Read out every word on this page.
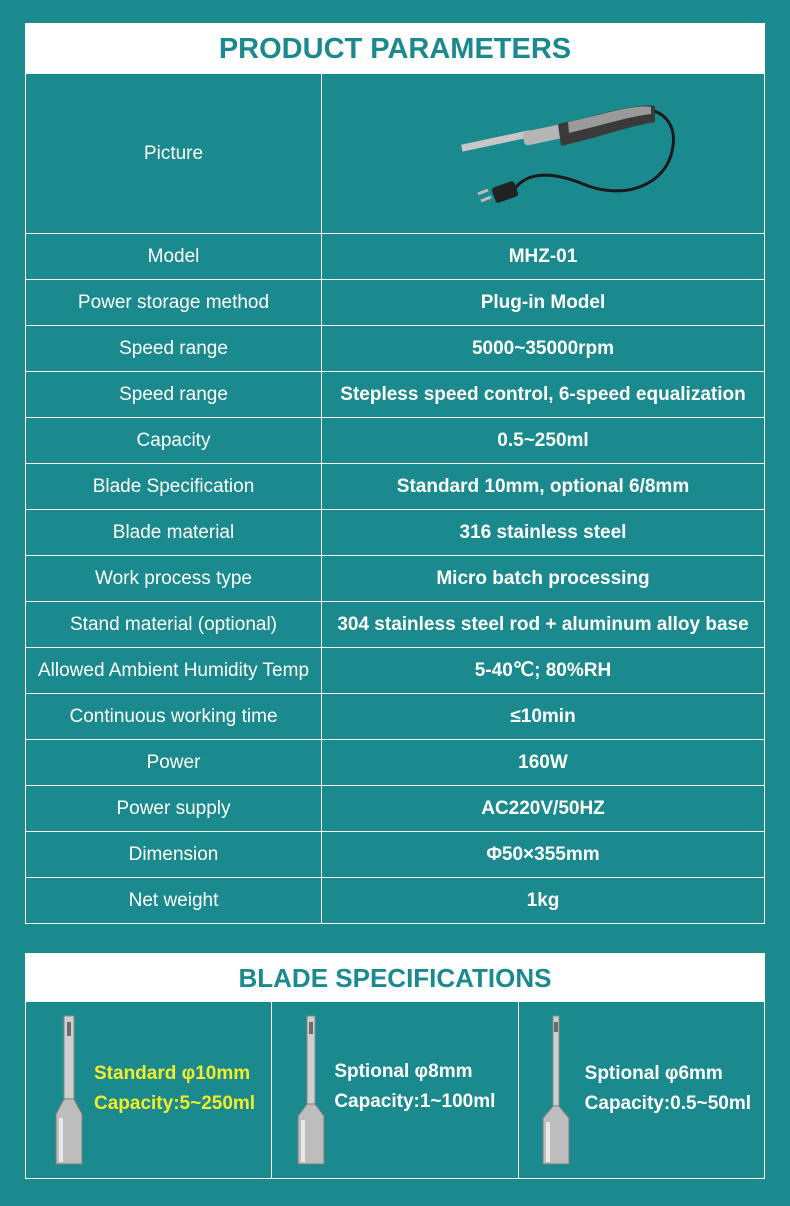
PRODUCT PARAMETERS
Picture	

Model	MHZ-01
Power storage method	Plug-in Model
Speed range	5000~35000rpm
Speed range	Stepless speed control, 6-speed equalization
Capacity	0.5~250ml
Blade Specification	Standard 10mm, optional 6/8mm
Blade material	316 stainless steel
Work process type	Micro batch processing
Stand material (optional)	304 stainless steel rod + aluminum alloy base
Allowed Ambient Humidity Temp	5-40℃; 80%RH
Continuous working time	≤10min
Power	160W
Power supply	AC220V/50HZ
Dimension	Φ50×355mm
Net weight	1kg
BLADE SPECIFICATIONS
Standard φ10mm
Capacity:5~250ml
Sptional φ8mm
Capacity:1~100ml
Sptional φ6mm
Capacity:0.5~50ml
